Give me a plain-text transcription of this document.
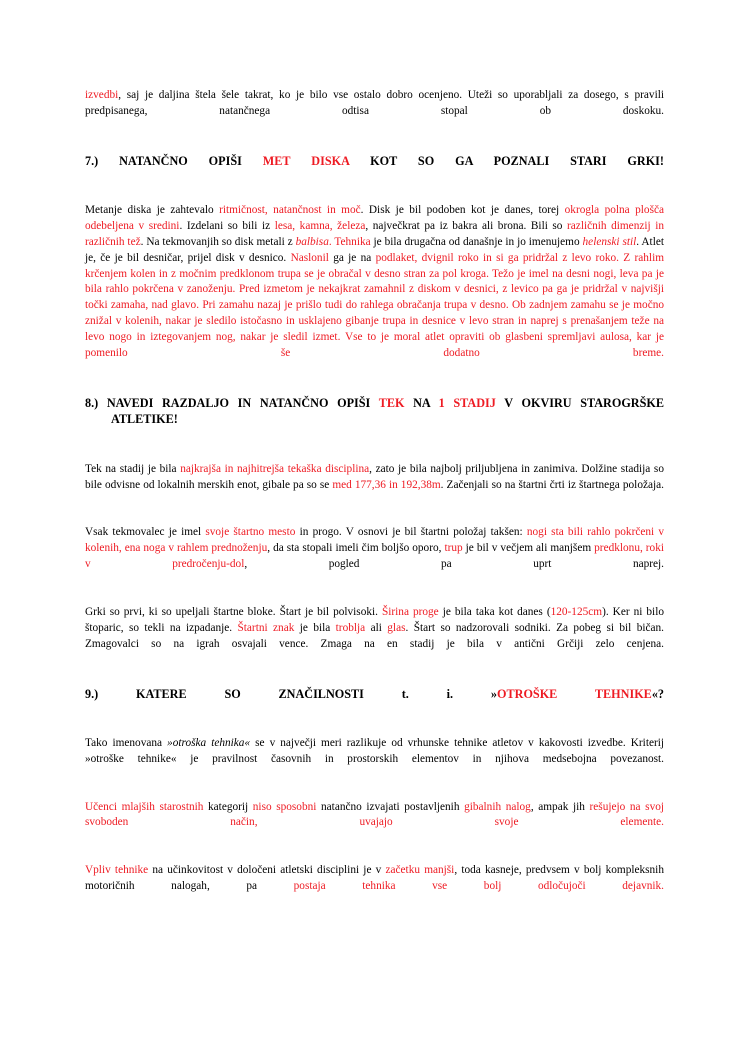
izvedbi, saj je daljina štela šele takrat, ko je bilo vse ostalo dobro ocenjeno. Uteži so uporabljali za dosego, s pravili predpisanega, natančnega odtisa stopal ob doskoku.

7.) NATANČNO OPIŠI MET DISKA KOT SO GA POZNALI STARI GRKI!

Metanje diska je zahtevalo ritmičnost, natančnost in moč. Disk je bil podoben kot je danes, torej okrogla polna plošča odebeljena v sredini. Izdelani so bili iz lesa, kamna, železa, največkrat pa iz bakra ali brona. Bili so različnih dimenzij in različnih tež. Na tekmovanjih so disk metali z balbisa. Tehnika je bila drugačna od današnje in jo imenujemo helenski stil. Atlet je, če je bil desničar, prijel disk v desnico. Naslonil ga je na podlaket, dvignil roko in si ga pridržal z levo roko. Z rahlim krčenjem kolen in z močnim predklonom trupa se je obračal v desno stran za pol kroga. Težo je imel na desni nogi, leva pa je bila rahlo pokrčena v zanoženju. Pred izmetom je nekajkrat zamahnil z diskom v desnici, z levico pa ga je pridržal v najvišji točki zamaha, nad glavo. Pri zamahu nazaj je prišlo tudi do rahlega obračanja trupa v desno. Ob zadnjem zamahu se je močno znižal v kolenih, nakar je sledilo istočasno in usklajeno gibanje trupa in desnice v levo stran in naprej s prenašanjem teže na levo nogo in iztegovanjem nog, nakar je sledil izmet. Vse to je moral atlet opraviti ob glasbeni spremljavi aulosa, kar je pomenilo še dodatno breme.

8.) NAVEDI RAZDALJO IN NATANČNO OPIŠI TEK NA 1 STADIJ V OKVIRU STAROGRŠKE ATLETIKE!

Tek na stadij je bila najkrajša in najhitrejša tekaška disciplina, zato je bila najbolj priljubljena in zanimiva. Dolžine stadija so bile odvisne od lokalnih merskih enot, gibale pa so se med 177,36 in 192,38m. Začenjali so na štartni črti iz štartnega položaja.

Vsak tekmovalec je imel svoje štartno mesto in progo. V osnovi je bil štartni položaj takšen: nogi sta bili rahlo pokrčeni v kolenih, ena noga v rahlem prednoženju, da sta stopali imeli čim boljšo oporo, trup je bil v večjem ali manjšem predklonu, roki v predročenju-dol, pogled pa uprt naprej.

Grki so prvi, ki so upeljali štartne bloke. Štart je bil polvisoki. Širina proge je bila taka kot danes (120-125cm). Ker ni bilo štoparic, so tekli na izpadanje. Štartni znak je bila troblja ali glas. Štart so nadzorovali sodniki. Za pobeg si bil bičan. Zmagovalci so na igrah osvajali vence. Zmaga na en stadij je bila v antični Grčiji zelo cenjena.

9.) KATERE SO ZNAČILNOSTI t. i. »OTROŠKE TEHNIKE«?

Tako imenovana »otroška tehnika« se v največji meri razlikuje od vrhunske tehnike atletov v kakovosti izvedbe. Kriterij »otroške tehnike« je pravilnost časovnih in prostorskih elementov in njihova medsebojna povezanost.

Učenci mlajših starostnih kategorij niso sposobni natančno izvajati postavljenih gibalnih nalog, ampak jih rešujejo na svoj svoboden način, uvajajo svoje elemente.

Vpliv tehnike na učinkovitost v določeni atletski disciplini je v začetku manjši, toda kasneje, predvsem v bolj kompleksnih motoričnih nalogah, pa postaja tehnika vse bolj odločujoči dejavnik.
